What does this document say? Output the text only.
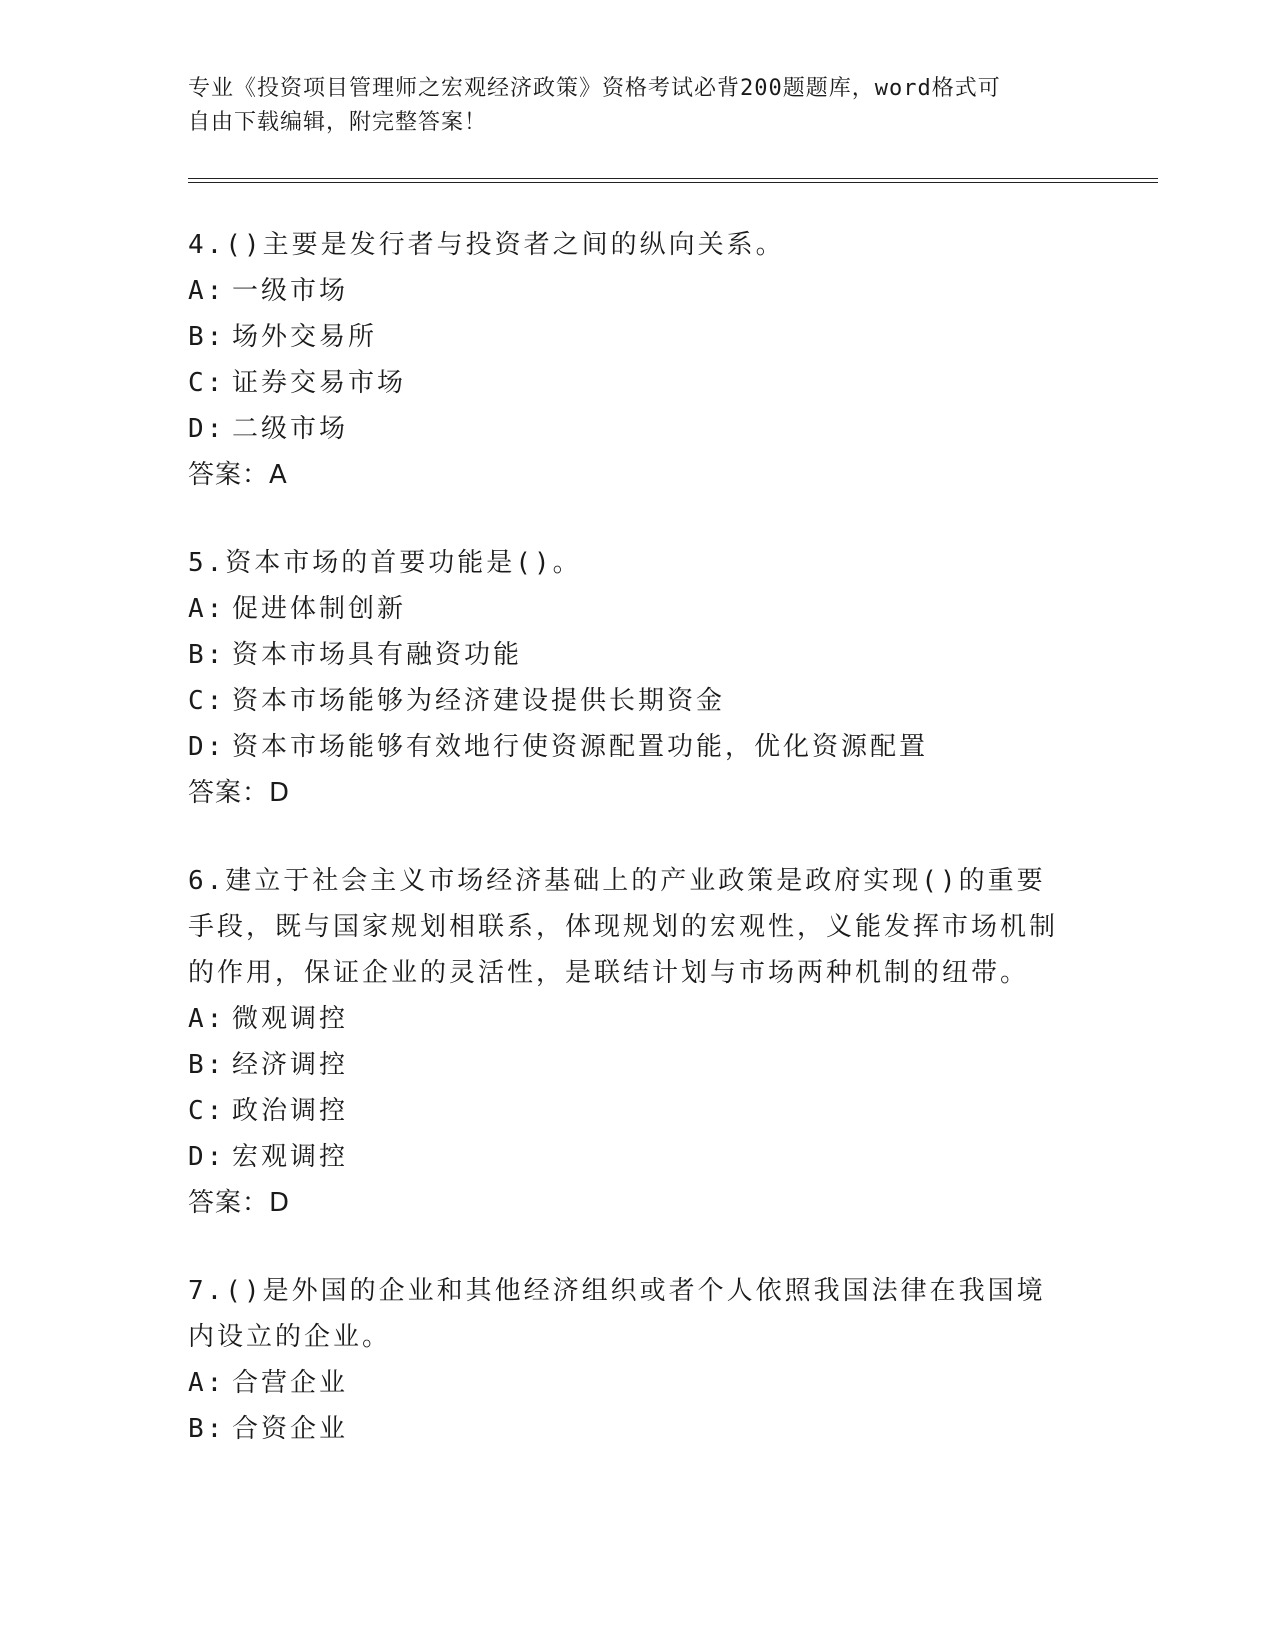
专业《投资项目管理师之宏观经济政策》资格考试必背200题题库，word格式可
自由下载编辑，附完整答案！

4.()主要是发行者与投资者之间的纵向关系。

A: 一级市场

B: 场外交易所

C: 证券交易市场

D: 二级市场

答案：A

5.资本市场的首要功能是()。

A: 促进体制创新

B: 资本市场具有融资功能

C: 资本市场能够为经济建设提供长期资金

D: 资本市场能够有效地行使资源配置功能，优化资源配置

答案：D

6.建立于社会主义市场经济基础上的产业政策是政府实现()的重要手段，既与国家规划相联系，体现规划的宏观性，义能发挥市场机制的作用，保证企业的灵活性，是联结计划与市场两种机制的纽带。

A: 微观调控

B: 经济调控

C: 政治调控

D: 宏观调控

答案：D

7.()是外国的企业和其他经济组织或者个人依照我国法律在我国境内设立的企业。

A: 合营企业

B: 合资企业
